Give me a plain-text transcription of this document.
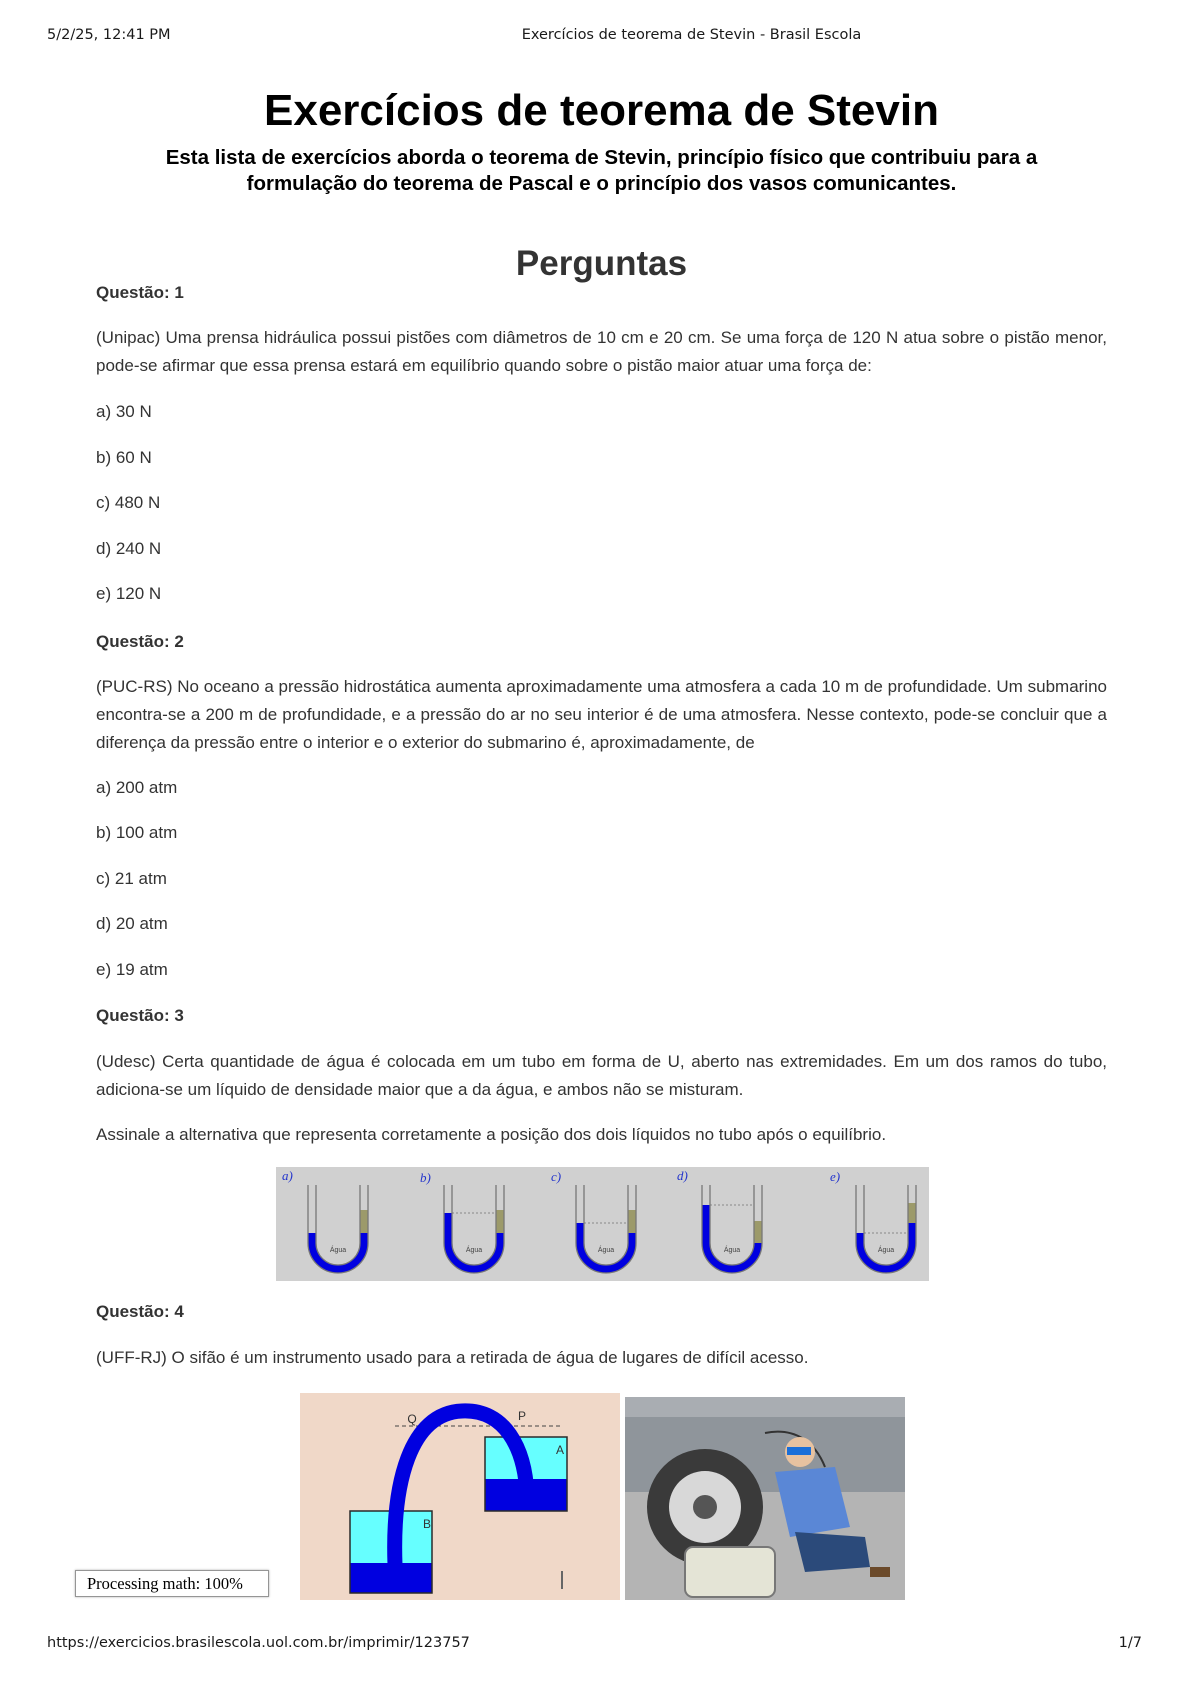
5/2/25, 12:41 PM	Exercícios de teorema de Stevin - Brasil Escola
Exercícios de teorema de Stevin

Esta lista de exercícios aborda o teorema de Stevin, princípio físico que contribuiu para a formulação do teorema de Pascal e o princípio dos vasos comunicantes.

Perguntas
Questão: 1

(Unipac) Uma prensa hidráulica possui pistões com diâmetros de 10 cm e 20 cm. Se uma força de 120 N atua sobre o pistão menor, pode-se afirmar que essa prensa estará em equilíbrio quando sobre o pistão maior atuar uma força de:

a) 30 N
b) 60 N
c) 480 N
d) 240 N
e) 120 N
Questão: 2

(PUC-RS) No oceano a pressão hidrostática aumenta aproximadamente uma atmosfera a cada 10 m de profundidade. Um submarino encontra-se a 200 m de profundidade, e a pressão do ar no seu interior é de uma atmosfera. Nesse contexto, pode-se concluir que a diferença da pressão entre o interior e o exterior do submarino é, aproximadamente, de

a) 200 atm
b) 100 atm
c) 21 atm
d) 20 atm
e) 19 atm
Questão: 3

(Udesc) Certa quantidade de água é colocada em um tubo em forma de U, aberto nas extremidades. Em um dos ramos do tubo, adiciona-se um líquido de densidade maior que a da água, e ambos não se misturam.

Assinale a alternativa que representa corretamente a posição dos dois líquidos no tubo após o equilíbrio.

a)
Água
b)
Água
c)
Água
d)
Água
e)
Água
Questão: 4

(UFF-RJ) O sifão é um instrumento usado para a retirada de água de lugares de difícil acesso.

Q	P
A
B
Processing math: 100%
https://exercicios.brasilescola.uol.com.br/imprimir/123757	1/7
